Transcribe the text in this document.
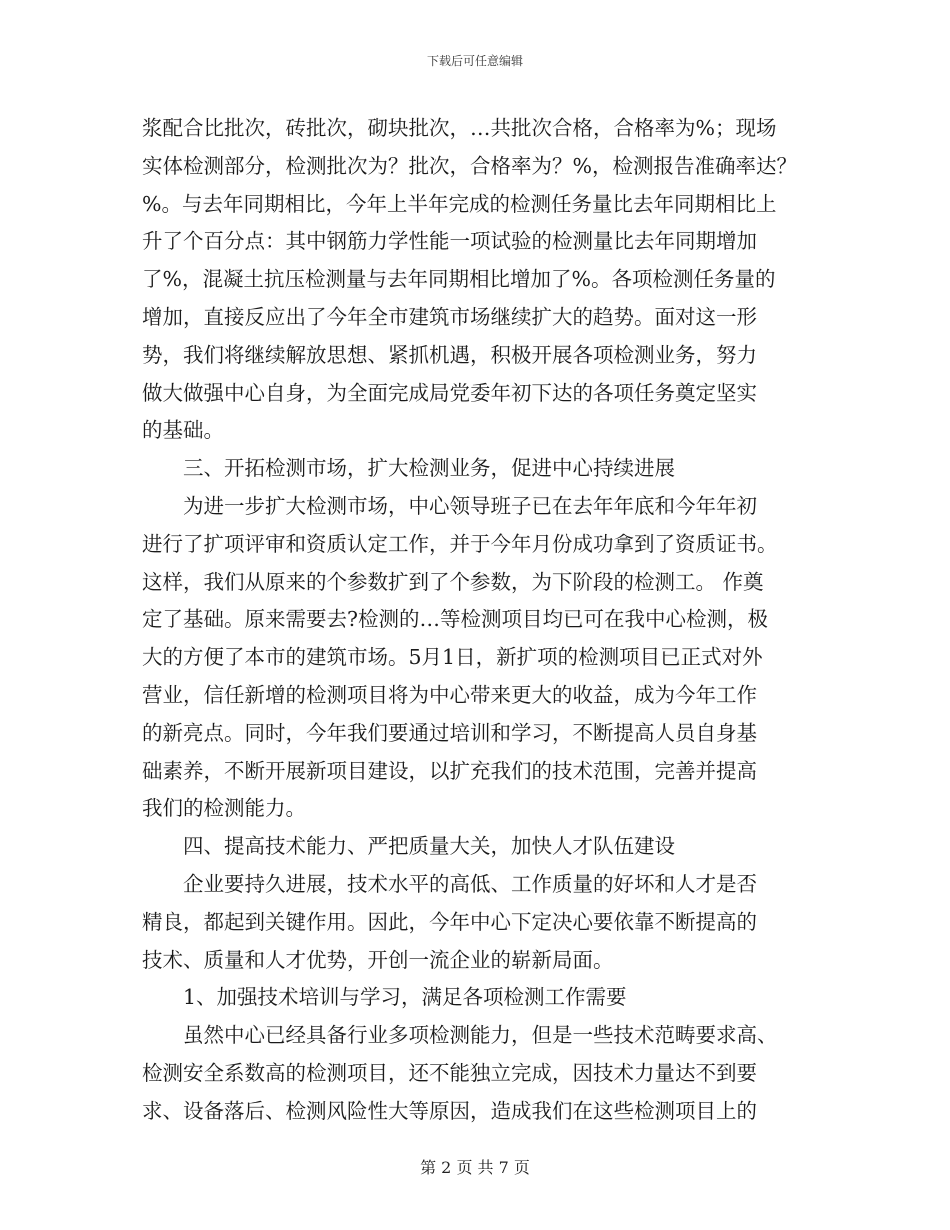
下载后可任意编辑
浆配合比批次，砖批次，砌块批次，…共批次合格，合格率为%；现场
实体检测部分，检测批次为？批次，合格率为？%，检测报告准确率达？
%。与去年同期相比，今年上半年完成的检测任务量比去年同期相比上
升了个百分点：其中钢筋力学性能一项试验的检测量比去年同期增加
了%，混凝土抗压检测量与去年同期相比增加了%。各项检测任务量的
增加，直接反应出了今年全市建筑市场继续扩大的趋势。面对这一形
势，我们将继续解放思想、紧抓机遇，积极开展各项检测业务，努力
做大做强中心自身，为全面完成局党委年初下达的各项任务奠定坚实
的基础。
三、开拓检测市场，扩大检测业务，促进中心持续进展
为进一步扩大检测市场，中心领导班子已在去年年底和今年年初
进行了扩项评审和资质认定工作，并于今年月份成功拿到了资质证书。
这样，我们从原来的个参数扩到了个参数，为下阶段的检测工。 作奠
定了基础。原来需要去?检测的…等检测项目均已可在我中心检测，极
大的方便了本市的建筑市场。5月1日，新扩项的检测项目已正式对外
营业，信任新增的检测项目将为中心带来更大的收益，成为今年工作
的新亮点。同时，今年我们要通过培训和学习，不断提高人员自身基
础素养，不断开展新项目建设，以扩充我们的技术范围，完善并提高
我们的检测能力。
四、提高技术能力、严把质量大关，加快人才队伍建设
企业要持久进展，技术水平的高低、工作质量的好坏和人才是否
精良，都起到关键作用。因此，今年中心下定决心要依靠不断提高的
技术、质量和人才优势，开创一流企业的崭新局面。
1、加强技术培训与学习，满足各项检测工作需要
虽然中心已经具备行业多项检测能力，但是一些技术范畴要求高、
检测安全系数高的检测项目，还不能独立完成，因技术力量达不到要
求、设备落后、检测风险性大等原因，造成我们在这些检测项目上的
第 2 页 共 7 页
